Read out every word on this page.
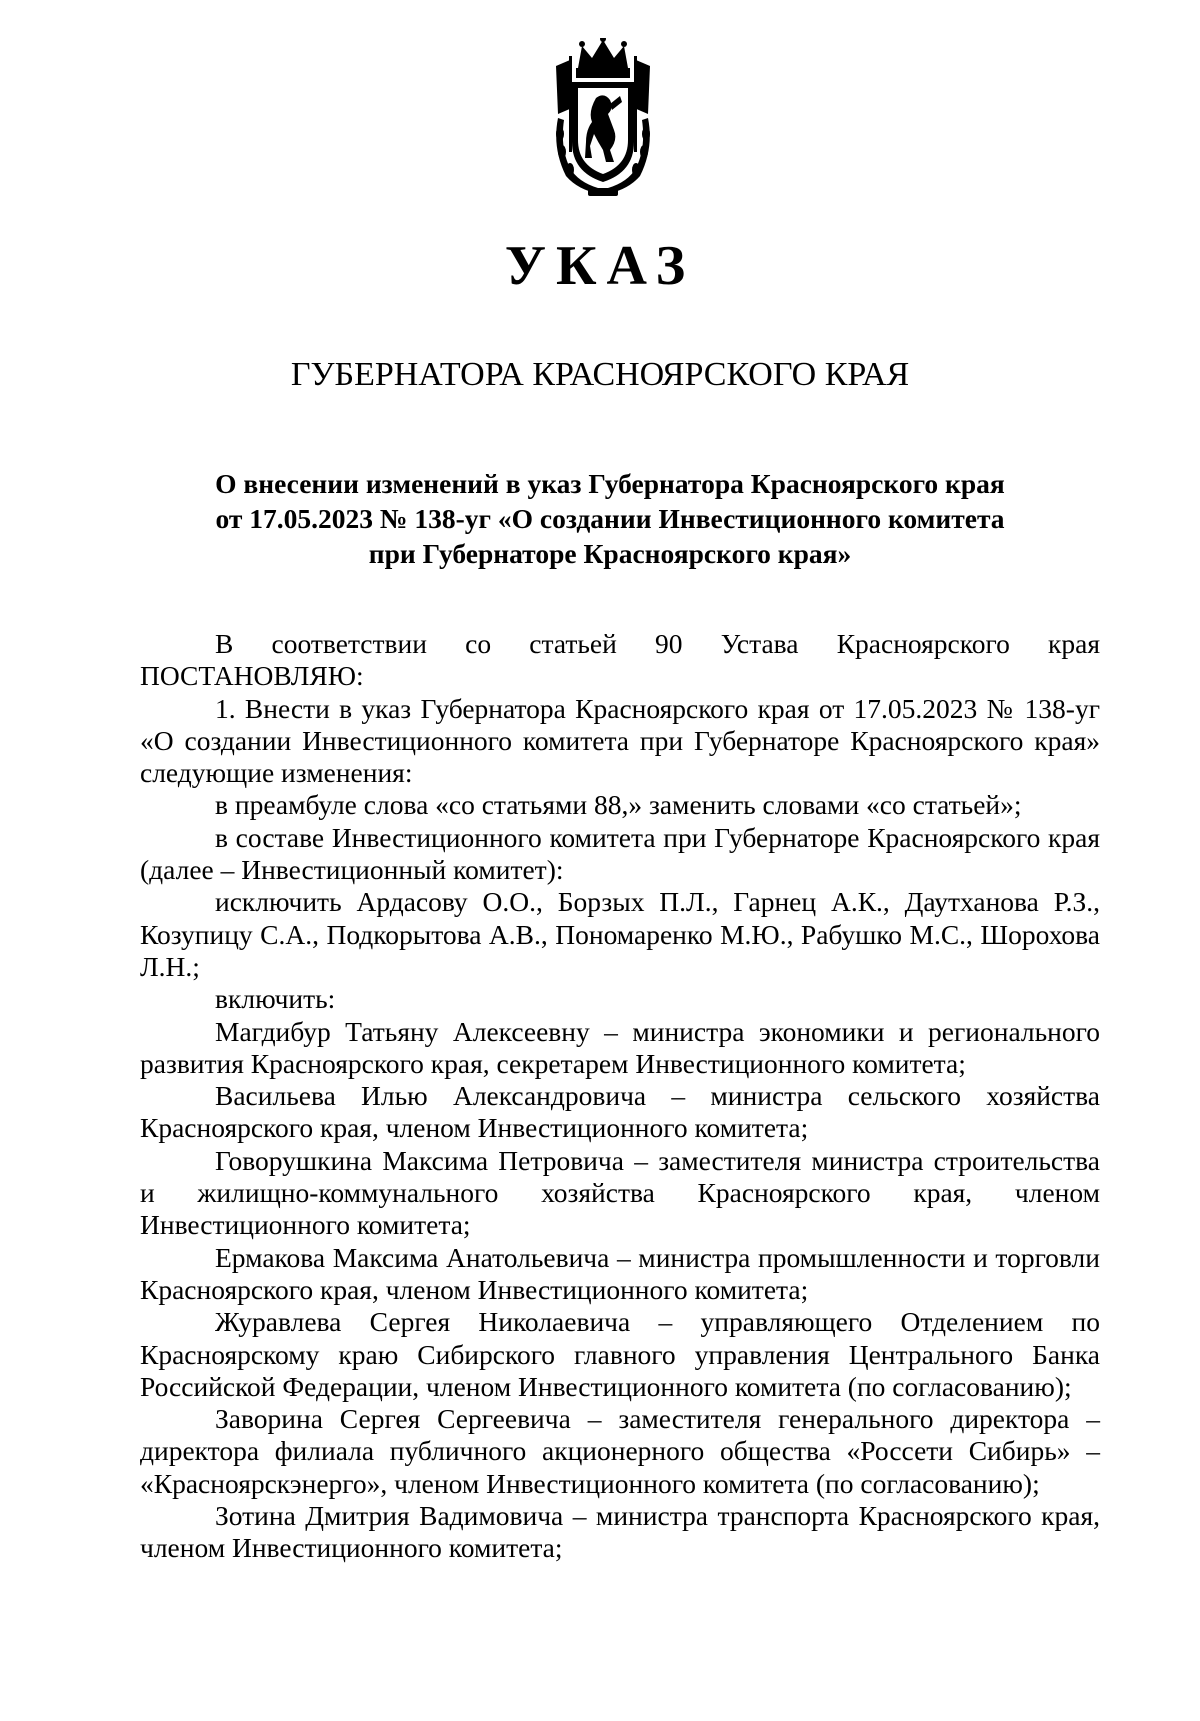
УКАЗ
ГУБЕРНАТОРА КРАСНОЯРСКОГО КРАЯ
О внесении изменений в указ Губернатора Красноярского края
от 17.05.2023 № 138-уг «О создании Инвестиционного комитета
при Губернаторе Красноярского края»

В соответствии со статьей 90 Устава Красноярского края

ПОСТАНОВЛЯЮ:

1. Внести в указ Губернатора Красноярского края от 17.05.2023 № 138-уг «О создании Инвестиционного комитета при Губернаторе Красноярского края» следующие изменения:

в преамбуле слова «со статьями 88,» заменить словами «со статьей»;

в составе Инвестиционного комитета при Губернаторе Красноярского края (далее – Инвестиционный комитет):

исключить Ардасову О.О., Борзых П.Л., Гарнец А.К., Даутханова Р.З., Козупицу С.А., Подкорытова А.В., Пономаренко М.Ю., Рабушко М.С., Шорохова Л.Н.;

включить:

Магдибур Татьяну Алексеевну – министра экономики и регионального развития Красноярского края, секретарем Инвестиционного комитета;

Васильева Илью Александровича – министра сельского хозяйства Красноярского края, членом Инвестиционного комитета;

Говорушкина Максима Петровича – заместителя министра строительства и жилищно-коммунального хозяйства Красноярского края, членом Инвестиционного комитета;

Ермакова Максима Анатольевича – министра промышленности и торговли Красноярского края, членом Инвестиционного комитета;

Журавлева Сергея Николаевича – управляющего Отделением по Красноярскому краю Сибирского главного управления Центрального Банка Российской Федерации, членом Инвестиционного комитета (по согласованию);

Заворина Сергея Сергеевича – заместителя генерального директора – директора филиала публичного акционерного общества «Россети Сибирь» – «Красноярскэнерго», членом Инвестиционного комитета (по согласованию);

Зотина Дмитрия Вадимовича – министра транспорта Красноярского края, членом Инвестиционного комитета;
